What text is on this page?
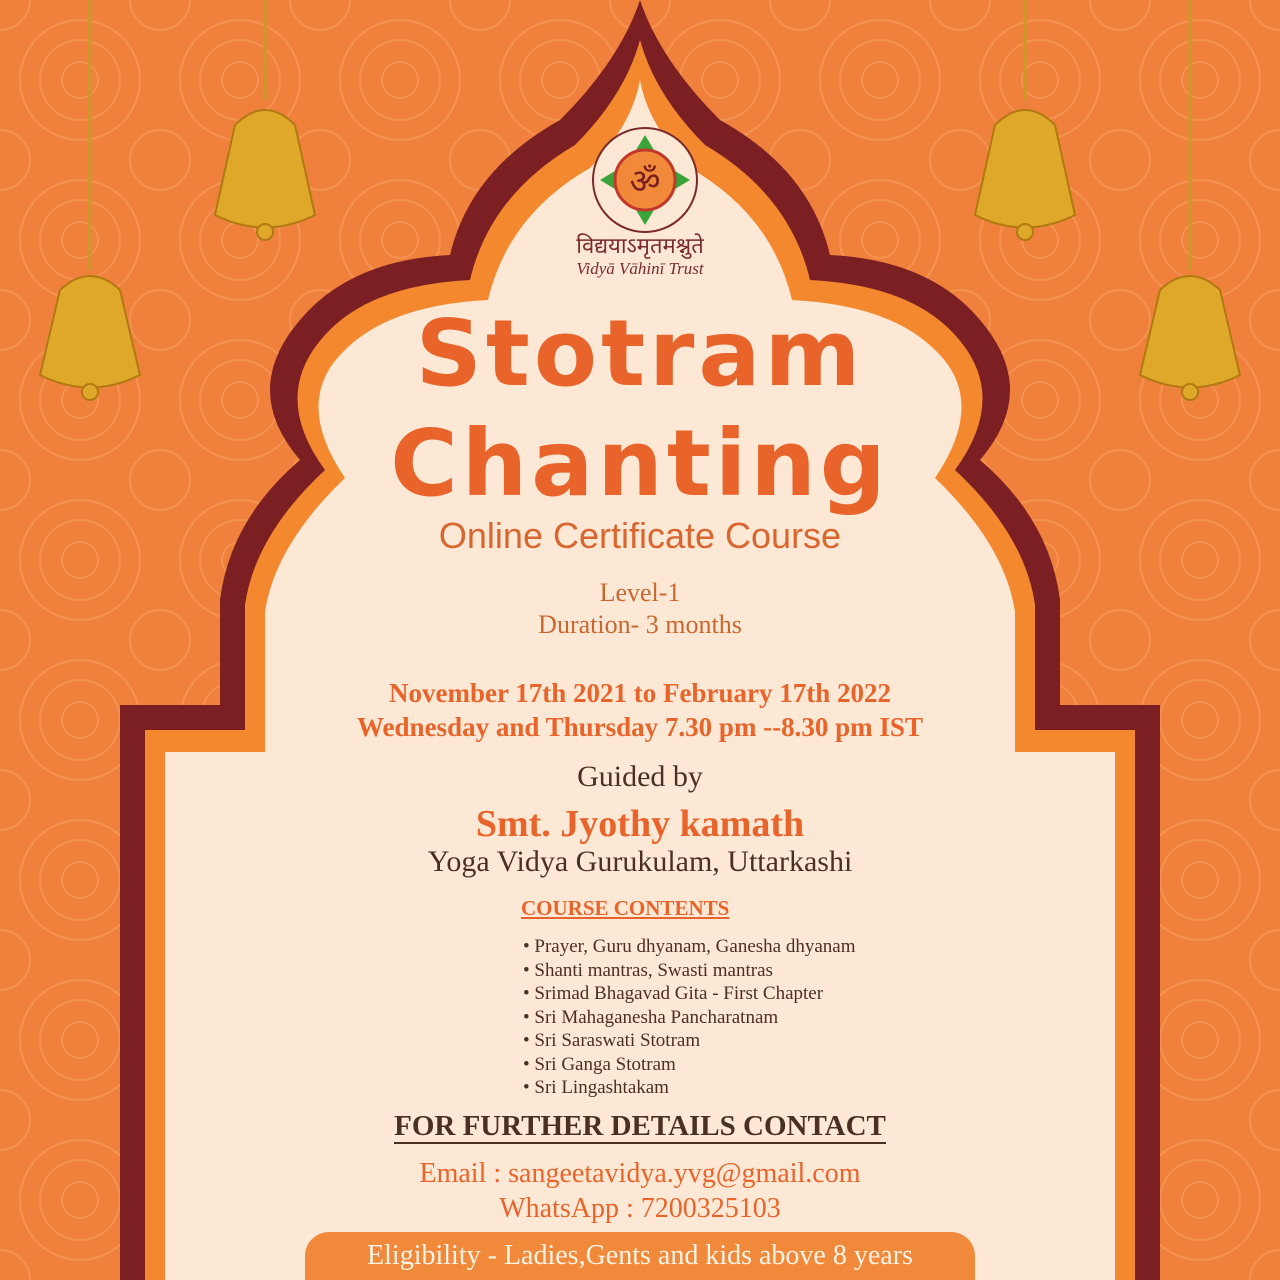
ॐ
विद्ययाऽमृतमश्नुते
Vidyā Vāhinī Trust
Stotram
Chanting
Online Certificate Course
Level-1
Duration- 3 months
November 17th 2021 to February 17th 2022
Wednesday and Thursday 7.30 pm --8.30 pm IST
Guided by
Smt. Jyothy kamath
Yoga Vidya Gurukulam, Uttarkashi
COURSE CONTENTS
• Prayer, Guru dhyanam, Ganesha dhyanam
• Shanti mantras, Swasti mantras
• Srimad Bhagavad Gita - First Chapter
• Sri Mahaganesha Pancharatnam
• Sri Saraswati Stotram
• Sri Ganga Stotram
• Sri Lingashtakam
FOR FURTHER DETAILS CONTACT
Email : sangeetavidya.yvg@gmail.com
WhatsApp : 7200325103
Eligibility - Ladies,Gents and kids above 8 years
